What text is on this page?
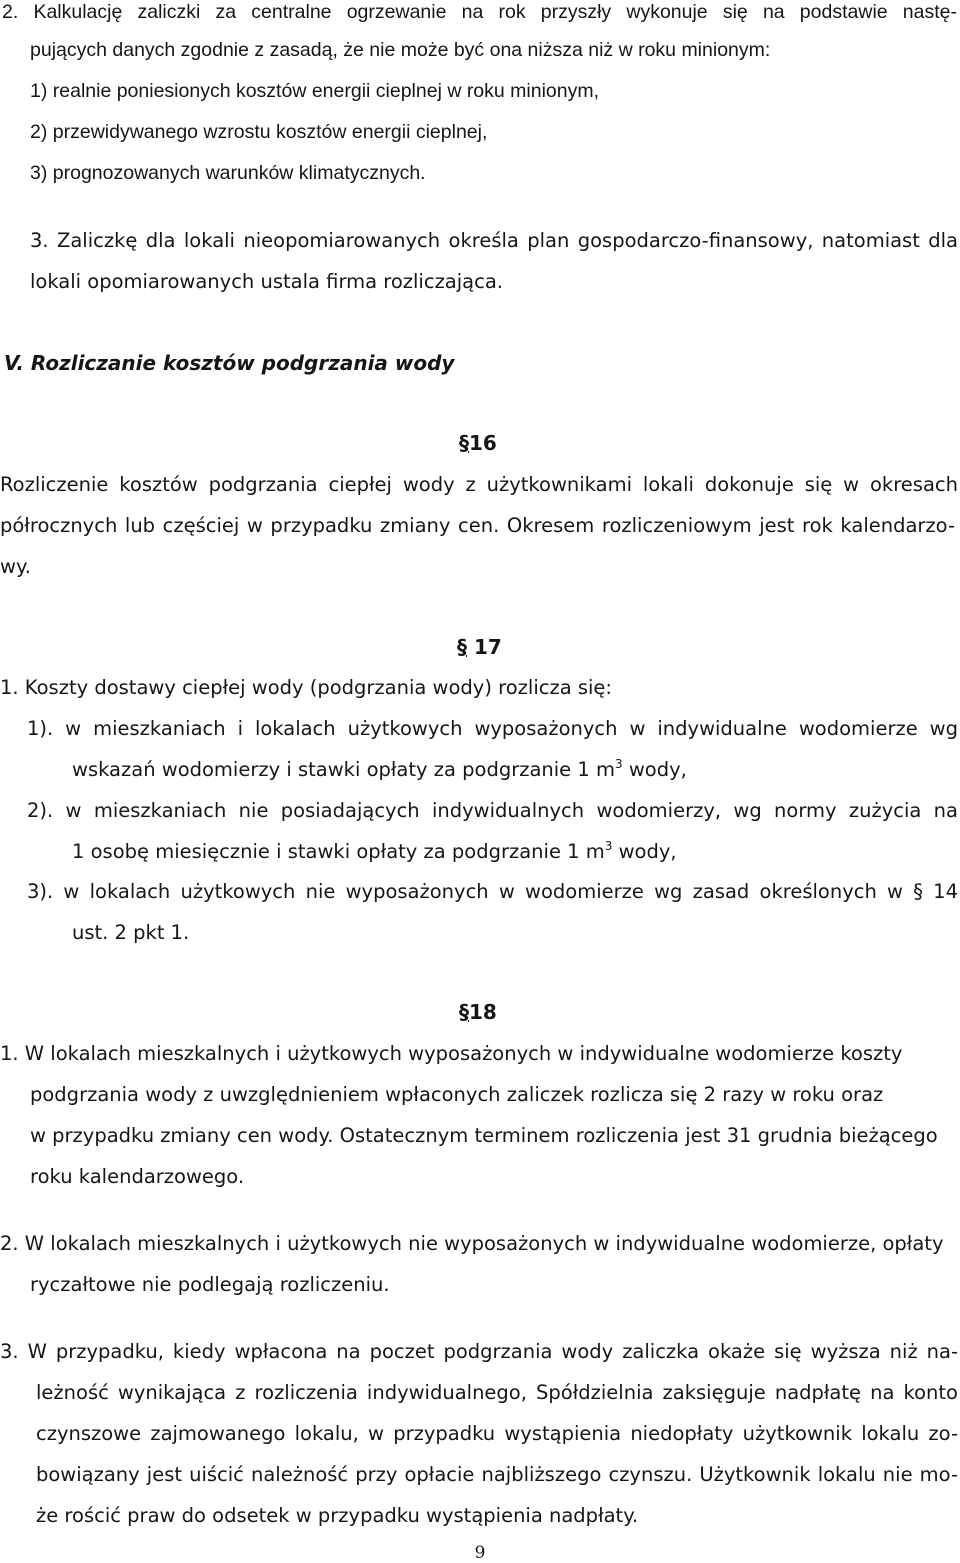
2. Kalkulację zaliczki za centralne ogrzewanie na rok przyszły wykonuje się na podstawie nastę-
pujących danych zgodnie z zasadą, że nie może być ona niższa niż w roku minionym:
1) realnie poniesionych kosztów energii cieplnej w roku minionym,
2) przewidywanego wzrostu kosztów energii cieplnej,
3) prognozowanych warunków klimatycznych.
3. Zaliczkę dla lokali nieopomiarowanych określa plan gospodarczo-finansowy, natomiast dla
lokali opomiarowanych ustala firma rozliczająca.
V. Rozliczanie kosztów podgrzania wody
§16
Rozliczenie kosztów podgrzania ciepłej wody z użytkownikami lokali dokonuje się w okresach
półrocznych lub częściej w przypadku zmiany cen. Okresem rozliczeniowym jest rok kalendarzo-
wy.
§ 17
1. Koszty dostawy ciepłej wody (podgrzania wody) rozlicza się:
1). w mieszkaniach i lokalach użytkowych wyposażonych w indywidualne wodomierze wg
wskazań wodomierzy i stawki opłaty za podgrzanie 1 $m^3$ wody,
2). w mieszkaniach nie posiadających indywidualnych wodomierzy, wg normy zużycia na
1 osobę miesięcznie i stawki opłaty za podgrzanie 1 $m^3$ wody,
3). w lokalach użytkowych nie wyposażonych w wodomierze wg zasad określonych w § 14
ust. 2 pkt 1.
§18
1. W lokalach mieszkalnych i użytkowych wyposażonych w indywidualne wodomierze koszty
podgrzania wody z uwzględnieniem wpłaconych zaliczek rozlicza się 2 razy w roku oraz
w przypadku zmiany cen wody. Ostatecznym terminem rozliczenia jest 31 grudnia bieżącego
roku kalendarzowego.
2. W lokalach mieszkalnych i użytkowych nie wyposażonych w indywidualne wodomierze, opłaty
ryczałtowe nie podlegają rozliczeniu.
3. W przypadku, kiedy wpłacona na poczet podgrzania wody zaliczka okaże się wyższa niż na-
leżność wynikająca z rozliczenia indywidualnego, Spółdzielnia zaksięguje nadpłatę na konto
czynszowe zajmowanego lokalu, w przypadku wystąpienia niedopłaty użytkownik lokalu zo-
bowiązany jest uiścić należność przy opłacie najbliższego czynszu. Użytkownik lokalu nie mo-
że rościć praw do odsetek w przypadku wystąpienia nadpłaty.
9
